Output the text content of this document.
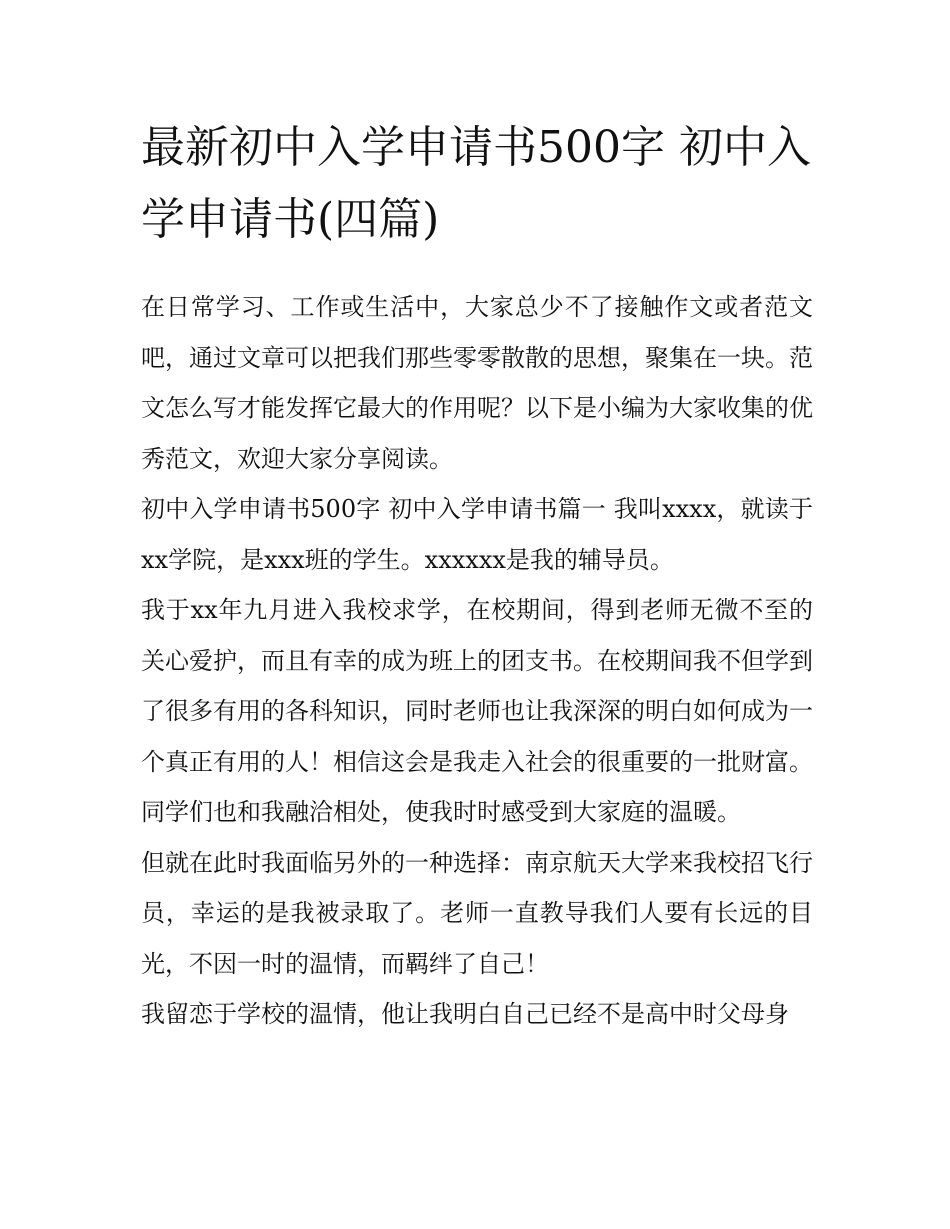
最新初中入学申请书500字 初中入学申请书(四篇)

在日常学习、工作或生活中，大家总少不了接触作文或者范文吧，通过文章可以把我们那些零零散散的思想，聚集在一块。范文怎么写才能发挥它最大的作用呢？以下是小编为大家收集的优秀范文，欢迎大家分享阅读。

初中入学申请书500字 初中入学申请书篇一 我叫xxxx，就读于xx学院，是xxx班的学生。xxxxxx是我的辅导员。

我于xx年九月进入我校求学，在校期间，得到老师无微不至的关心爱护，而且有幸的成为班上的团支书。在校期间我不但学到了很多有用的各科知识，同时老师也让我深深的明白如何成为一个真正有用的人！相信这会是我走入社会的很重要的一批财富。同学们也和我融洽相处，使我时时感受到大家庭的温暖。

但就在此时我面临另外的一种选择：南京航天大学来我校招飞行员，幸运的是我被录取了。老师一直教导我们人要有长远的目光，不因一时的温情，而羁绊了自己！

我留恋于学校的温情，他让我明白自己已经不是高中时父母身
